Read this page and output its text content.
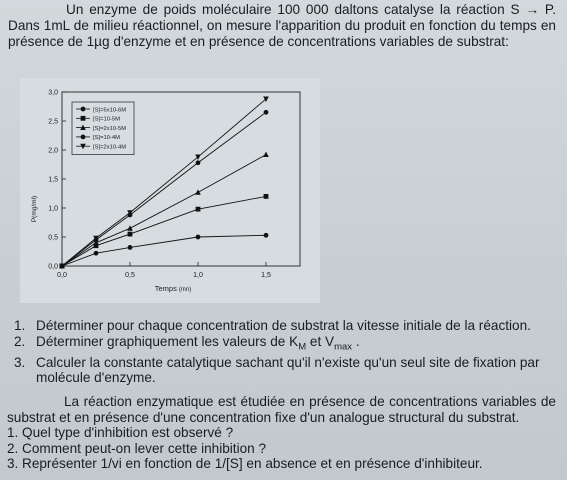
Un enzyme de poids moléculaire 100 000 daltons catalyse la réaction S → P. Dans 1mL de milieu réactionnel, on mesure l'apparition du produit en fonction du temps en présence de 1µg d'enzyme et en présence de concentrations variables de substrat:

0,0	0,5	1,0	1,5
0,0
0,5
1,0
1,5
2,0
2,5
3,0
Temps (mn)
P(mg/ml)
[S]=5x10-6M
[S]=10-5M
[S]=2x10-5M
[S]=10-4M
[S]=2x10-4M
1. Déterminer pour chaque concentration de substrat la vitesse initiale de la réaction.
2. Déterminer graphiquement les valeurs de $K_M$ et $V_{max}$ .
3. Calculer la constante catalytique sachant qu'il n'existe qu'un seul site de fixation par molécule d'enzyme.

La réaction enzymatique est étudiée en présence de concentrations variables de substrat et en présence d'une concentration fixe d'un analogue structural du substrat.

1. Quel type d'inhibition est observé ?
2. Comment peut-on lever cette inhibition ?
3. Représenter 1/vi en fonction de 1/[S] en absence et en présence d'inhibiteur.
